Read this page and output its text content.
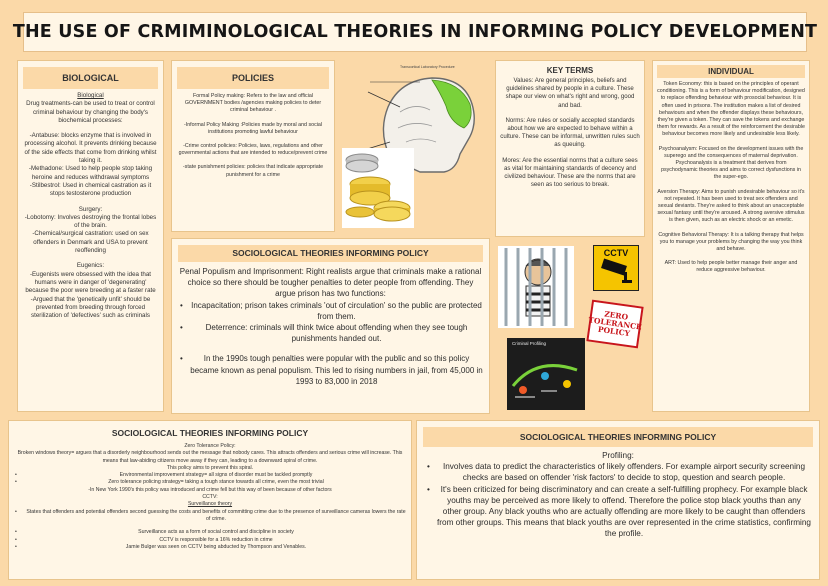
THE USE OF CRMIMINOLOGICAL THEORIES IN INFORMING POLICY DEVELOPMENT
BIOLOGICAL
Biological
Drug treatments-can be used to treat or control criminal behaviour by changing the body's biochemical processes:
-Antabuse: blocks enzyme that is involved in processing alcohol. It prevents drinking because of the side effects that come from drinking whilst taking it.
-Methadone: Used to help people stop taking heroine and reduces withdrawal symptoms
-Stilbestrol: Used in chemical castration as it stops testosterone production
Surgery:
-Lobotomy: Involves destroying the frontal lobes of the brain.
-Chemical/surgical castration: used on sex offenders in Denmark and USA to prevent reoffending
Eugenics:
-Eugenists were obsessed with the idea that humans were in danger of 'degenerating' because the poor were breeding at a faster rate
-Argued that the 'genetically unfit' should be prevented from breeding through forced sterilization of 'defectives' such as criminals
POLICIES
Formal Policy making: Refers to the law and official GOVERNMENT bodies /agencies making policies to deter criminal behaviour .
-Informal Policy Making :Policies made by moral and social institutions promoting lawful behaviour
-Crime control policies: Policies, laws, regulations and other governmental actions that are intended to reduce/prevent crime
-state punishment policies: policies that indicate appropriate punishment for a crime
Transcortical Laboratory Procedure	KEY TERMS
Values: Are general principles, beliefs and guidelines shared by people in a culture. These shape our view on what's right and wrong, good and bad.
Norms: Are rules or socially accepted standards about how we are expected to behave within a culture. These can be informal, unwritten rules such as queuing.
Mores: Are the essential norms that a culture sees as vital for maintaining standards of decency and civilized behaviour. These are the norms that are seen as too serious to break.
INDIVIDUAL
Token Economy: this is based on the principles of operant conditioning. This is a form of behaviour modification, designed to replace offending behaviour with prosocial behaviour. It is often used in prisons. The institution makes a list of desired behaviours and when the offender displays these behaviours, they're given a token. They can save the tokens and exchange them for rewards. As a result of the reinforcement the desirable behaviour becomes more likely and undesirable less likely.
Psychoanalysm: Focused on the development issues with the superego and the consequences of maternal deprivation. Psychoanalysis is a treatment that derives from psychodynamic theories and aims to correct dysfunctions in the super-ego.
Aversion Therapy: Aims to punish undesirable behaviour so it's not repeated. It has been used to treat sex offenders and sexual deviants. They're asked to think about an unacceptable sexual fantasy until they're aroused. A strong aversive stimulus is then given, such as an electric shock or an emetic.
Cognitive Behavioral Therapy: It is a talking therapy that helps you to manage your problems by changing the way you think and behave.
ART: Used to help people better manage their anger and reduce aggressive behaviour.
SOCIOLOGICAL THEORIES INFORMING POLICY
Penal Populism and Imprisonment: Right realists argue that criminals make a rational choice so there should be tougher penalties to deter people from offending. They argue prison has two functions:
• Incapacitation; prison takes criminals 'out of circulation' so the public are protected from them.
• Deterrence: criminals will think twice about offending when they see tough punishments handed out.
• In the 1990s tough penalties were popular with the public and so this policy became known as penal populism. This led to rising numbers in jail, from 45,000 in 1993 to 83,000 in 2018
CCTV
ZERO TOLERANCE POLICY
Criminal Profiling
SOCIOLOGICAL THEORIES INFORMING POLICY
Zero Tolerance Policy:
Broken windows theory= argues that a disorderly neighbourhood sends out the message that nobody cares. This attracts offenders and serious crime will increase. This means that law-abiding citizens move away if they can, leading to a downward spiral of crime.
This policy aims to prevent this spiral.
• Environmental improvement strategy= all signs of disorder must be tackled promptly
• Zero tolerance policing strategy= taking a tough stance towards all crime, even the most trivial
-In New York 1990's this policy was introduced and crime fell but this way of been because of other factors
CCTV:
Surveillance theory
• States that offenders and potential offenders second guessing the costs and benefits of committing crime due to the presence of surveillance cameras lowers the rate of crime.
• Surveillance acts as a form of social control and discipline in society
• CCTV is responsible for a 16% reduction in crime
• Jamie Bulger was seen on CCTV being abducted by Thompson and Venables.
SOCIOLOGICAL THEORIES INFORMING POLICY
Profiling:
• Involves data to predict the characteristics of likely offenders. For example airport security screening checks are based on offender 'risk factors' to decide to stop, question and search people.
• It's been criticized for being discriminatory and can create a self-fulfilling prophecy. For example black youths may be perceived as more likely to offend. Therefore the police stop black youths than any other group. Any black youths who are actually offending are more likely to be caught than offenders from other groups. This means that black youths are over represented in the crime statistics, confirming the profile.
